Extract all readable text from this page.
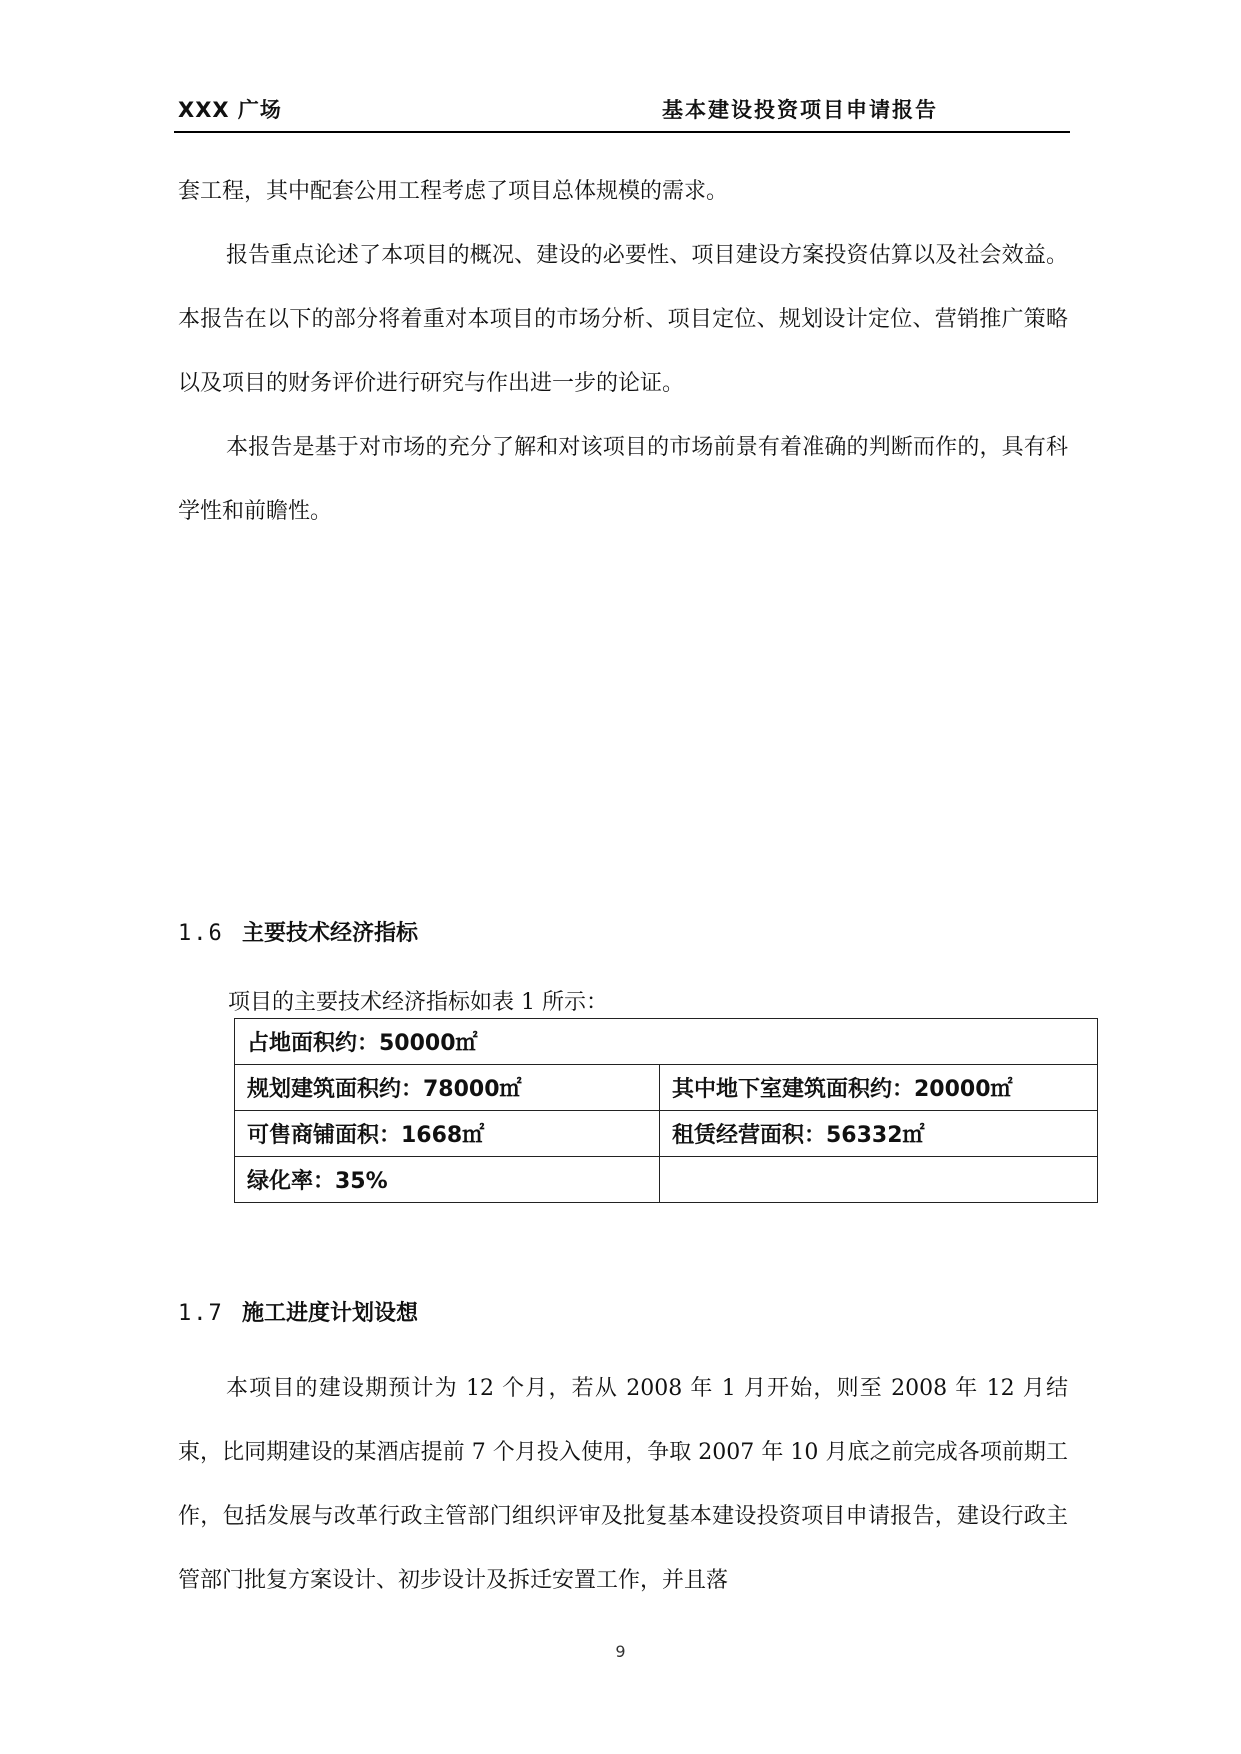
XXX 广场	基本建设投资项目申请报告

套工程，其中配套公用工程考虑了项目总体规模的需求。

报告重点论述了本项目的概况、建设的必要性、项目建设方案投资估算以及社会效益。本报告在以下的部分将着重对本项目的市场分析、项目定位、规划设计定位、营销推广策略以及项目的财务评价进行研究与作出进一步的论证。

本报告是基于对市场的充分了解和对该项目的市场前景有着准确的判断而作的，具有科学性和前瞻性。

1.6 主要技术经济指标
项目的主要技术经济指标如表 1 所示：
占地面积约：50000㎡	
规划建筑面积约：78000㎡	其中地下室建筑面积约：20000㎡
可售商铺面积：1668㎡	租赁经营面积：56332㎡
绿化率：35%	
1.7 施工进度计划设想

本项目的建设期预计为 12 个月，若从 2008 年 1 月开始，则至 2008 年 12 月结束，比同期建设的某酒店提前 7 个月投入使用，争取 2007 年 10 月底之前完成各项前期工作，包括发展与改革行政主管部门组织评审及批复基本建设投资项目申请报告，建设行政主管部门批复方案设计、初步设计及拆迁安置工作，并且落

9
